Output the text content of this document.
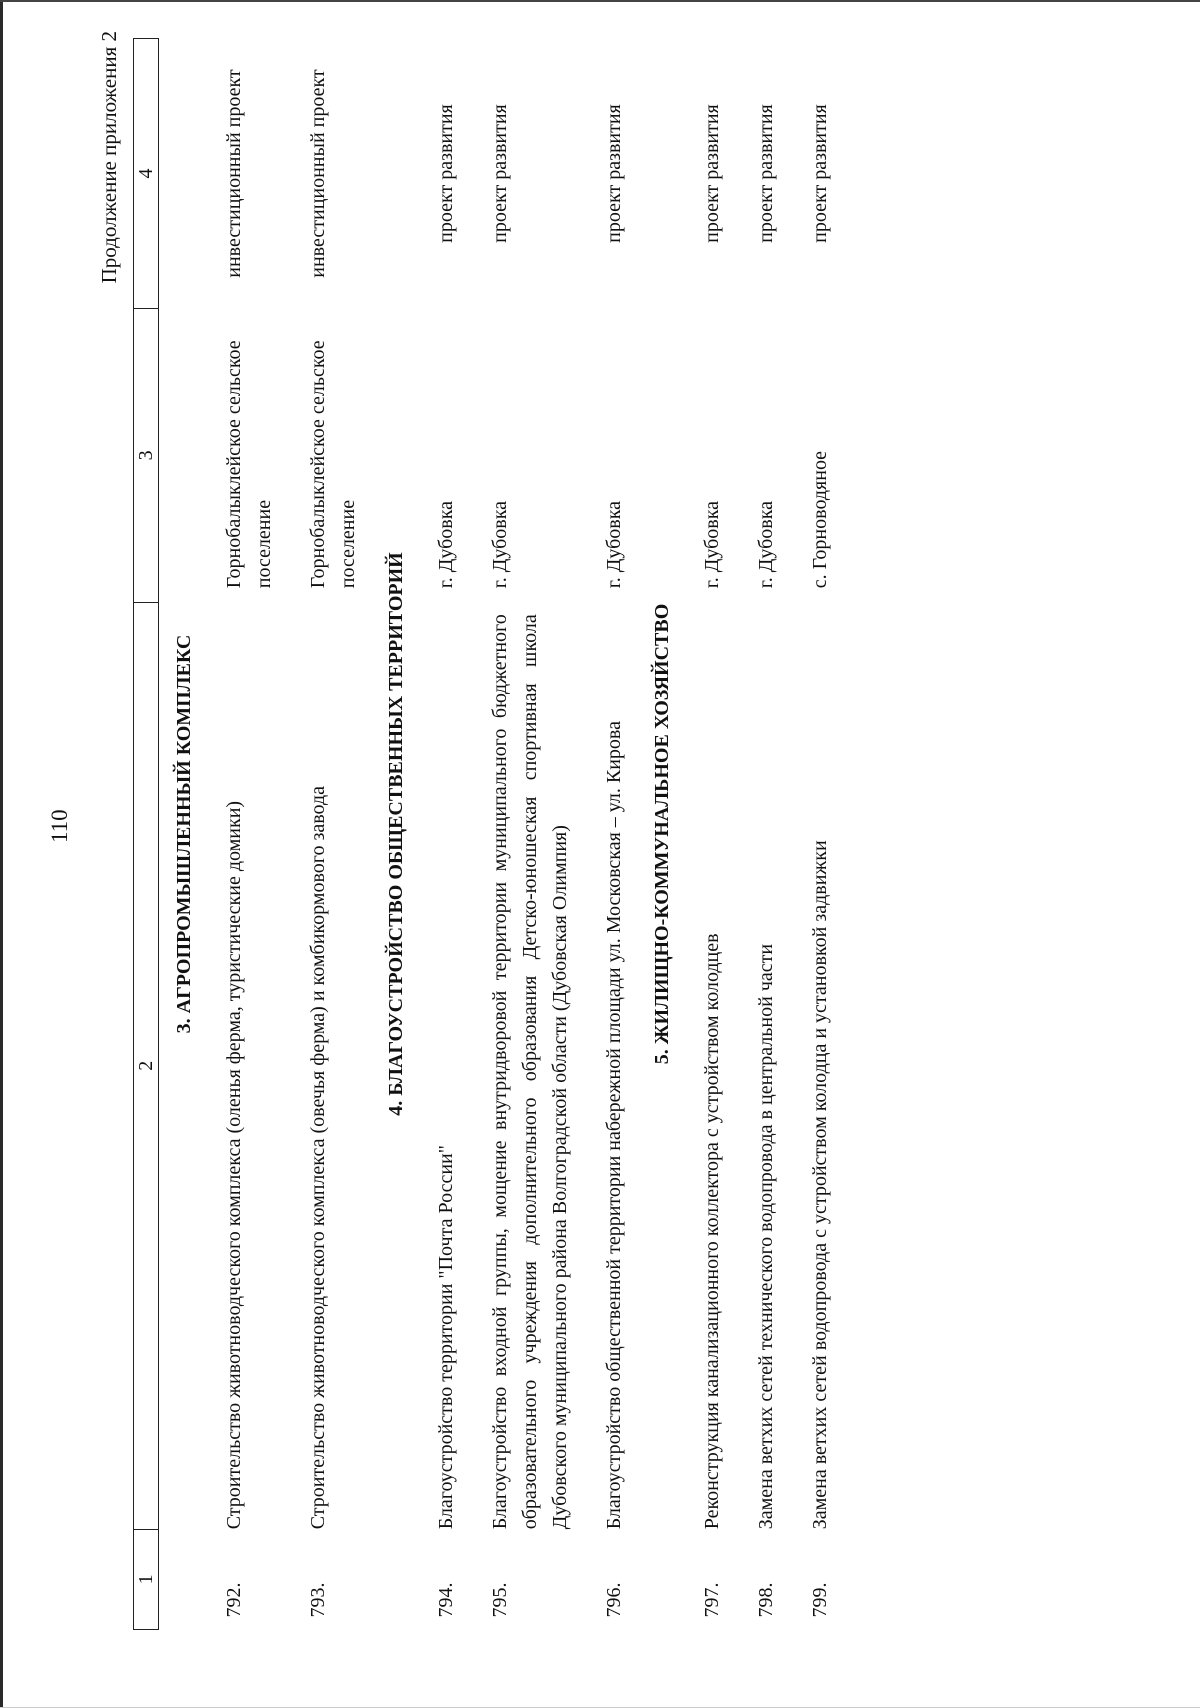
110
Продолжение приложения 2
1	2	3	4
3. АГРОПРОМЫШЛЕННЫЙ КОМПЛЕКС			
792.	Строительство животноводческого комплекса (оленья ферма, туристические домики)	Горнобалыклейское сельское поселение	инвестиционный проект
793.	Строительство животноводческого комплекса (овечья ферма) и комбикормового завода	Горнобалыклейское сельское поселение	инвестиционный проект
4. БЛАГОУСТРОЙСТВО ОБЩЕСТВЕННЫХ ТЕРРИТОРИЙ			
794.	Благоустройство территории "Почта России"	г. Дубовка	проект развития
795.	Благоустройство входной группы, мощение внутридворовой территории муниципального бюджетного образовательного учреждения дополнительного образования Детско-юношеская спортивная школа Дубовского муниципального района Волгоградской области (Дубовская Олимпия)	г. Дубовка	проект развития
796.	Благоустройство общественной территории набережной площади ул. Московская – ул. Кирова	г. Дубовка	проект развития
5. ЖИЛИЩНО-КОММУНАЛЬНОЕ ХОЗЯЙСТВО			
797.	Реконструкция канализационного коллектора с устройством колодцев	г. Дубовка	проект развития
798.	Замена ветхих сетей технического водопровода в центральной части	г. Дубовка	проект развития
799.	Замена ветхих сетей водопровода с устройством колодца и установкой задвижки	с. Горноводяное	проект развития
